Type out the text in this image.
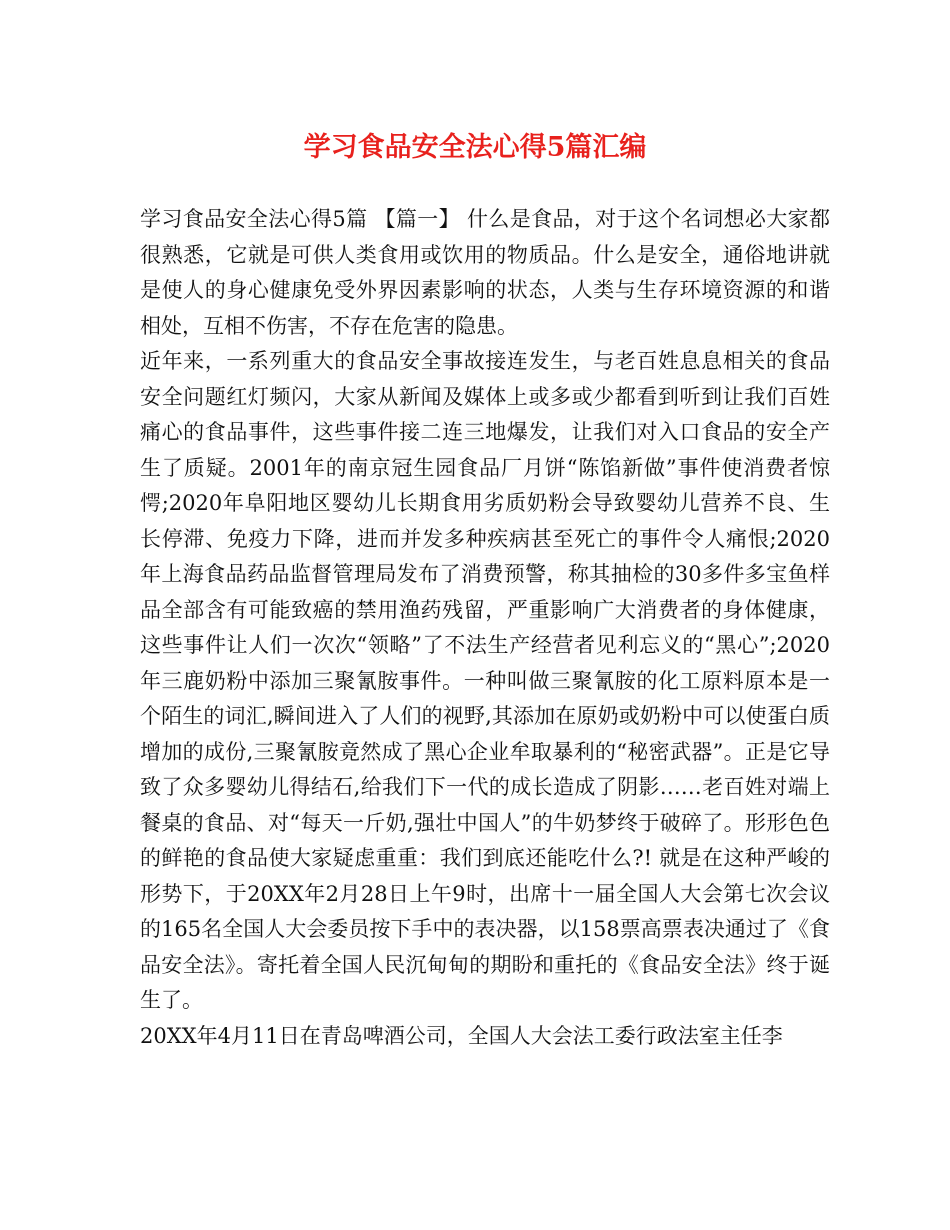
学习食品安全法心得5篇汇编

学习食品安全法心得5篇 【篇一】 什么是食品，对于这个名词想必大家都很熟悉，它就是可供人类食用或饮用的物质品。什么是安全，通俗地讲就是使人的身心健康免受外界因素影响的状态，人类与生存环境资源的和谐相处，互相不伤害，不存在危害的隐患。

近年来，一系列重大的食品安全事故接连发生，与老百姓息息相关的食品安全问题红灯频闪，大家从新闻及媒体上或多或少都看到听到让我们百姓痛心的食品事件，这些事件接二连三地爆发，让我们对入口食品的安全产生了质疑。2001年的南京冠生园食品厂月饼“陈馅新做”事件使消费者惊愕;2020年阜阳地区婴幼儿长期食用劣质奶粉会导致婴幼儿营养不良、生长停滞、免疫力下降，进而并发多种疾病甚至死亡的事件令人痛恨;2020年上海食品药品监督管理局发布了消费预警，称其抽检的30多件多宝鱼样品全部含有可能致癌的禁用渔药残留，严重影响广大消费者的身体健康，这些事件让人们一次次“领略”了不法生产经营者见利忘义的“黑心”;2020年三鹿奶粉中添加三聚氰胺事件。一种叫做三聚氰胺的化工原料原本是一个陌生的词汇,瞬间进入了人们的视野,其添加在原奶或奶粉中可以使蛋白质增加的成份,三聚氰胺竟然成了黑心企业牟取暴利的“秘密武器”。正是它导致了众多婴幼儿得结石,给我们下一代的成长造成了阴影……老百姓对端上餐桌的食品、对“每天一斤奶,强壮中国人”的牛奶梦终于破碎了。形形色色的鲜艳的食品使大家疑虑重重：我们到底还能吃什么?! 就是在这种严峻的形势下，于20XX年2月28日上午9时，出席十一届全国人大会第七次会议的165名全国人大会委员按下手中的表决器，以158票高票表决通过了《食品安全法》。寄托着全国人民沉甸甸的期盼和重托的《食品安全法》终于诞生了。

20XX年4月11日在青岛啤酒公司，全国人大会法工委行政法室主任李
